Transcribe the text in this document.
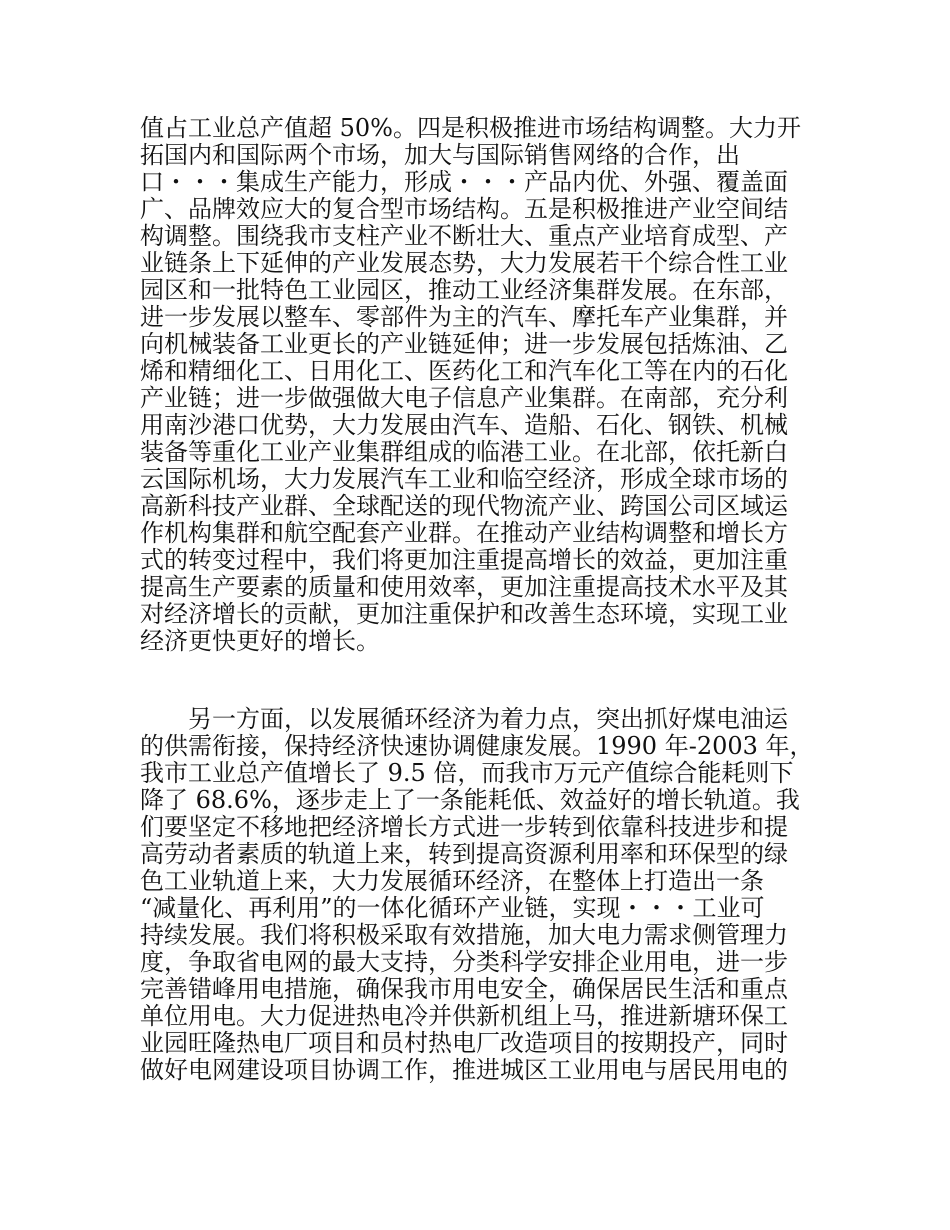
值占工业总产值超 50%。四是积极推进市场结构调整。大力开
拓国内和国际两个市场，加大与国际销售网络的合作，出
口・・・集成生产能力，形成・・・产品内优、外强、覆盖面
广、品牌效应大的复合型市场结构。五是积极推进产业空间结
构调整。围绕我市支柱产业不断壮大、重点产业培育成型、产
业链条上下延伸的产业发展态势，大力发展若干个综合性工业
园区和一批特色工业园区，推动工业经济集群发展。在东部，
进一步发展以整车、零部件为主的汽车、摩托车产业集群，并
向机械装备工业更长的产业链延伸；进一步发展包括炼油、乙
烯和精细化工、日用化工、医药化工和汽车化工等在内的石化
产业链；进一步做强做大电子信息产业集群。在南部，充分利
用南沙港口优势，大力发展由汽车、造船、石化、钢铁、机械
装备等重化工业产业集群组成的临港工业。在北部，依托新白
云国际机场，大力发展汽车工业和临空经济，形成全球市场的
高新科技产业群、全球配送的现代物流产业、跨国公司区域运
作机构集群和航空配套产业群。在推动产业结构调整和增长方
式的转变过程中，我们将更加注重提高增长的效益，更加注重
提高生产要素的质量和使用效率，更加注重提高技术水平及其
对经济增长的贡献，更加注重保护和改善生态环境，实现工业
经济更快更好的增长。
另一方面，以发展循环经济为着力点，突出抓好煤电油运
的供需衔接，保持经济快速协调健康发展。1990 年-2003 年，
我市工业总产值增长了 9.5 倍，而我市万元产值综合能耗则下
降了 68.6%，逐步走上了一条能耗低、效益好的增长轨道。我
们要坚定不移地把经济增长方式进一步转到依靠科技进步和提
高劳动者素质的轨道上来，转到提高资源利用率和环保型的绿
色工业轨道上来，大力发展循环经济，在整体上打造出一条
“减量化、再利用”的一体化循环产业链，实现・・・工业可
持续发展。我们将积极采取有效措施，加大电力需求侧管理力
度，争取省电网的最大支持，分类科学安排企业用电，进一步
完善错峰用电措施，确保我市用电安全，确保居民生活和重点
单位用电。大力促进热电冷并供新机组上马，推进新塘环保工
业园旺隆热电厂项目和员村热电厂改造项目的按期投产，同时
做好电网建设项目协调工作，推进城区工业用电与居民用电的
